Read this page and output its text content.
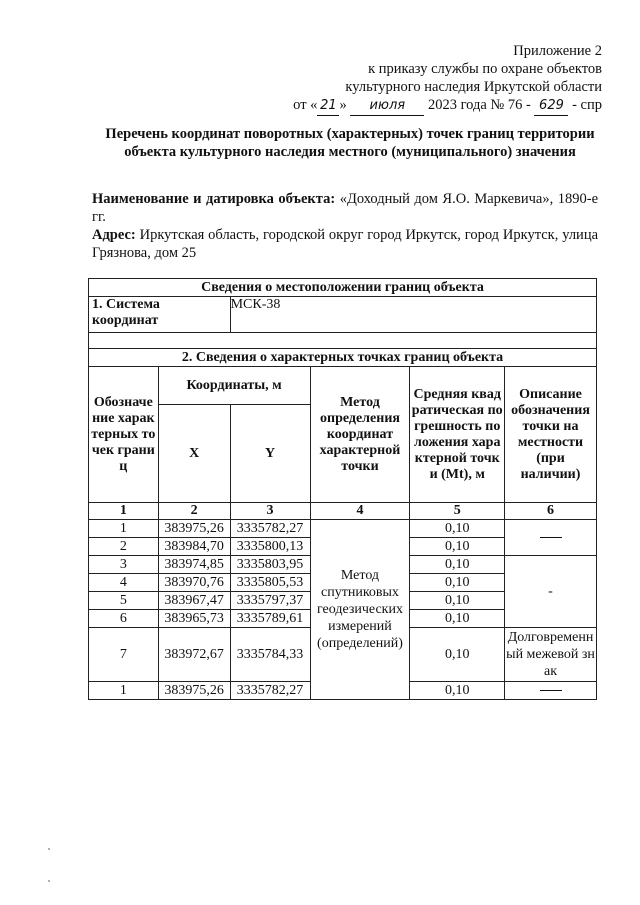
Приложение 2
к приказу службы по охране объектов
культурного наследия Иркутской области
от « 21 » июля 2023 года № 76 - 629 - спр
Перечень координат поворотных (характерных) точек границ территории объекта культурного наследия местного (муниципального) значения
Наименование и датировка объекта: «Доходный дом Я.О. Маркевича», 1890-е гг.
Адрес: Иркутская область, городской округ город Иркутск, город Иркутск, улица Грязнова, дом 25
Сведения о местоположении границ объекта					
1. Система координат		МСК-38			

2. Сведения о характерных точках границ объекта					
Обозначение характерных точек границ	Координаты, м		Метод определения координат характерной точки	Средняя квадратическая погрешность положения характерной точки (Mt), м	Описание обозначения точки на местности (при наличии)
	X	Y			
1	2	3	4	5	6
1	383975,26	3335782,27	Метод спутниковых геодезических измерений (определений)	0,10	
2	383984,70	3335800,13		0,10	
3	383974,85	3335803,95		0,10	-
4	383970,76	3335805,53		0,10	
5	383967,47	3335797,37		0,10	
6	383965,73	3335789,61		0,10	
7	383972,67	3335784,33		0,10	Долговременный межевой знак
1	383975,26	3335782,27		0,10	
